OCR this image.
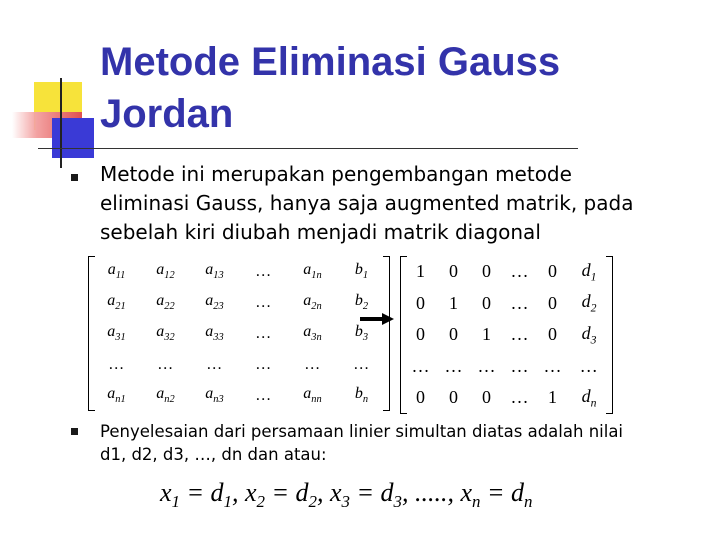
Metode Eliminasi Gauss
Jordan
Metode ini merupakan pengembangan metode
eliminasi Gauss, hanya saja augmented matrik, pada
sebelah kiri diubah menjadi matrik diagonal
$a_{11}$	$a_{12}$	$a_{13}$	…	$a_{1n}$	$b_1$
$a_{21}$	$a_{22}$	$a_{23}$	…	$a_{2n}$	$b_2$
$a_{31}$	$a_{32}$	$a_{33}$	…	$a_{3n}$	$b_3$
…	…	…	…	…	…
$a_{n1}$	$a_{n2}$	$a_{n3}$	…	$a_{nn}$	$b_n$
1	0	0	…	0	$d_1$
0	1	0	…	0	$d_2$
0	0	1	…	0	$d_3$
…	…	…	…	…	…
0	0	0	…	1	$d_n$
Penyelesaian dari persamaan linier simultan diatas adalah nilai
d1, d2, d3, …, dn dan atau:
$x_1 = d_1$, $x_2 = d_2$, $x_3 = d_3$, ....., $x_n = d_n$
